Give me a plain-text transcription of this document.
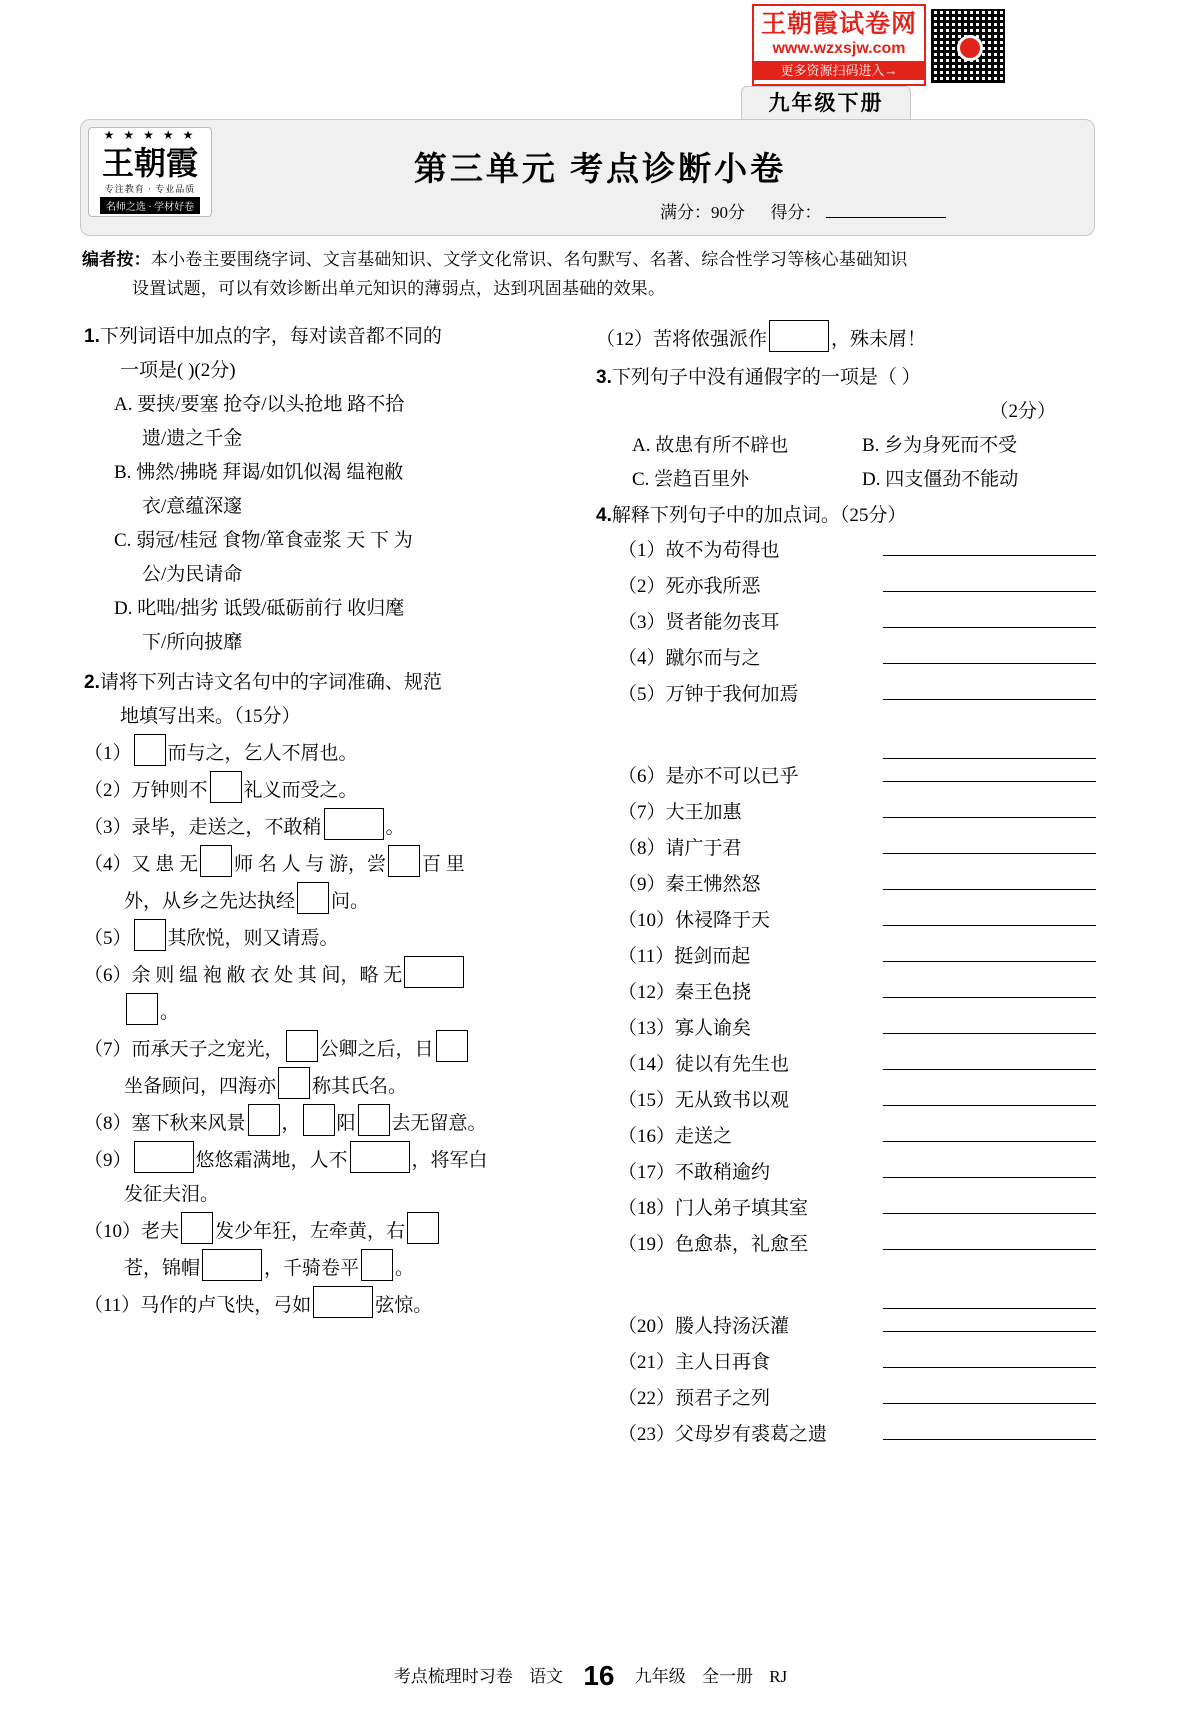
王朝霞试卷网
www.wzxsjw.com
更多资源扫码进入→
九年级下册
★ ★ ★ ★ ★
王朝霞
专注教育 · 专业品质
名师之选 · 学材好卷
第三单元 考点诊断小卷
满分：90分 得分：
编者按：本小卷主要围绕字词、文言基础知识、文学文化常识、名句默写、名著、综合性学习等核心基础知识
设置试题，可以有效诊断出单元知识的薄弱点，达到巩固基础的效果。
1.下列词语中加点的字，每对读音都不同的
一项是( )(2分)
A. 要挟/要塞 抢夺/以头抢地 路不拾
遗/遗之千金
B. 怫然/拂晓 拜谒/如饥似渴 缊袍敝
衣/意蕴深邃
C. 弱冠/桂冠 食物/箪食壶浆 天 下 为
公/为民请命
D. 叱咄/拙劣 诋毁/砥砺前行 收归麾
下/所向披靡
2.请将下列古诗文名句中的字词准确、规范
地填写出来。（15分）
（1） 而与之，乞人不屑也。
（2）万钟则不 礼义而受之。
（3）录毕，走送之，不敢稍	。
（4）又 患 无 师 名 人 与 游，尝 百 里
外，从乡之先达执经 问。
（5） 其欣悦，则又请焉。
（6）余 则 缊 袍 敝 衣 处 其 间，略 无
。
（7）而承天子之宠光， 公卿之后，日
坐备顾问，四海亦 称其氏名。
（8）塞下秋来风景 ， 阳 去无留意。
（9）	悠悠霜满地，人不	，将军白
发征夫泪。
（10）老夫 发少年狂，左牵黄，右
苍，锦帽	，千骑卷平 。
（11）马作的卢飞快，弓如	弦惊。
（12）苦将侬强派作	，殊未屑！
3.下列句子中没有通假字的一项是（ ）
（2分）
A. 故患有所不辟也	B. 乡为身死而不受
C. 尝趋百里外	D. 四支僵劲不能动
4.解释下列句子中的加点词。（25分）
（1）故不为苟得也
（2）死亦我所恶
（3）贤者能勿丧耳
（4）蹴尔而与之
（5）万钟于我何加焉
（6）是亦不可以已乎
（7）大王加惠
（8）请广于君
（9）秦王怫然怒
（10）休祲降于天
（11）挺剑而起
（12）秦王色挠
（13）寡人谕矣
（14）徒以有先生也
（15）无从致书以观
（16）走送之
（17）不敢稍逾约
（18）门人弟子填其室
（19）色愈恭，礼愈至
（20）媵人持汤沃灌
（21）主人日再食
（22）预君子之列
（23）父母岁有裘葛之遗
考点梳理时习卷 语文 16 九年级 全一册 RJ
